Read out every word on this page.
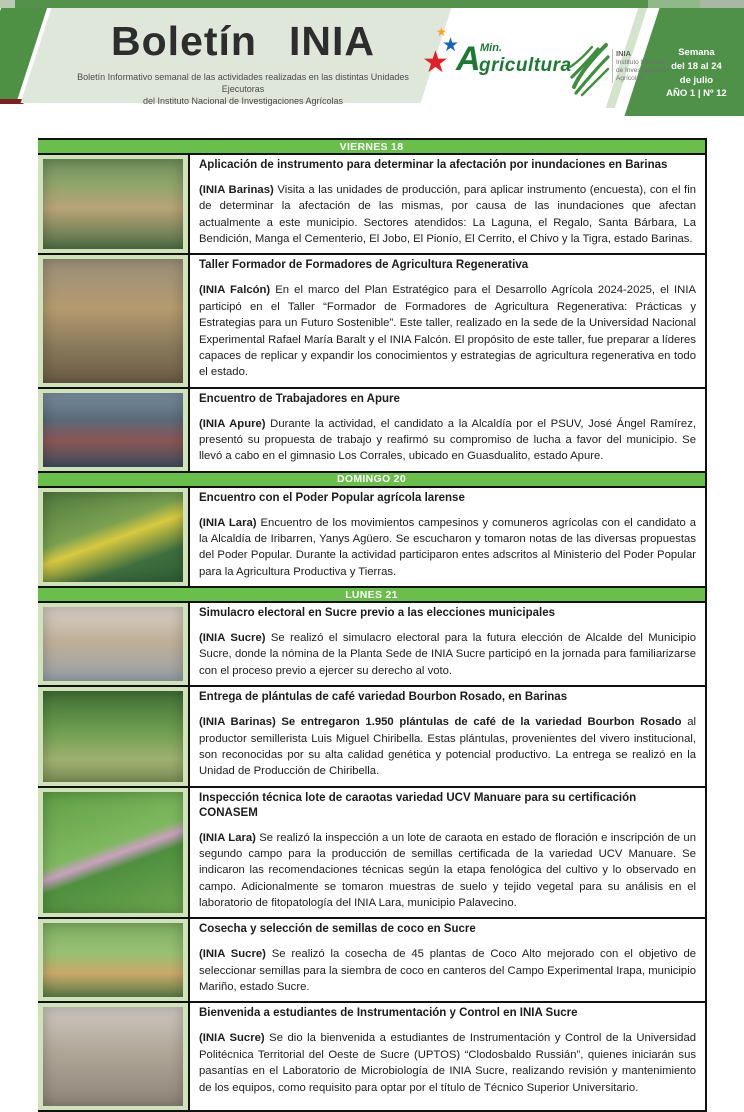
Semana
del 18 al 24
de julio
AÑO 1 | Nº 12
Boletín INIA
Boletín Informativo semanal de las actividades realizadas en las distintas Unidades Ejecutoras
del Instituto Nacional de Investigaciones Agrícolas
★
★
★
A Min.
gricultura
INIA
Instituto Nacional
de Investigaciones
Agrícolas
VIERNES 18
Aplicación de instrumento para determinar la afectación por inundaciones en Barinas

(INIA Barinas) Visita a las unidades de producción, para aplicar instrumento (encuesta), con el fin de determinar la afectación de las mismas, por causa de las inundaciones que afectan actualmente a este municipio. Sectores atendidos: La Laguna, el Regalo, Santa Bárbara, La Bendición, Manga el Cementerio, El Jobo, El Pionío, El Cerrito, el Chivo y la Tigra, estado Barinas.

Taller Formador de Formadores de Agricultura Regenerativa

(INIA Falcón) En el marco del Plan Estratégico para el Desarrollo Agrícola 2024-2025, el INIA participó en el Taller “Formador de Formadores de Agricultura Regenerativa: Prácticas y Estrategias para un Futuro Sostenible”. Este taller, realizado en la sede de la Universidad Nacional Experimental Rafael María Baralt y el INIA Falcón. El propósito de este taller, fue preparar a líderes capaces de replicar y expandir los conocimientos y estrategias de agricultura regenerativa en todo el estado.

Encuentro de Trabajadores en Apure

(INIA Apure) Durante la actividad, el candidato a la Alcaldía por el PSUV, José Ángel Ramírez, presentó su propuesta de trabajo y reafirmó su compromiso de lucha a favor del municipio. Se llevó a cabo en el gimnasio Los Corrales, ubicado en Guasdualito, estado Apure.

DOMINGO 20
Encuentro con el Poder Popular agrícola larense

(INIA Lara) Encuentro de los movimientos campesinos y comuneros agrícolas con el candidato a la Alcaldía de Iribarren, Yanys Agüero. Se escucharon y tomaron notas de las diversas propuestas del Poder Popular. Durante la actividad participaron entes adscritos al Ministerio del Poder Popular para la Agricultura Productiva y Tierras.

LUNES 21
Simulacro electoral en Sucre previo a las elecciones municipales

(INIA Sucre) Se realizó el simulacro electoral para la futura elección de Alcalde del Municipio Sucre, donde la nómina de la Planta Sede de INIA Sucre participó en la jornada para familiarizarse con el proceso previo a ejercer su derecho al voto.

Entrega de plántulas de café variedad Bourbon Rosado, en Barinas

(INIA Barinas) Se entregaron 1.950 plántulas de café de la variedad Bourbon Rosado al productor semillerista Luis Miguel Chiribella. Estas plántulas, provenientes del vivero institucional, son reconocidas por su alta calidad genética y potencial productivo. La entrega se realizó en la Unidad de Producción de Chiribella.

Inspección técnica lote de caraotas variedad UCV Manuare para su certificación CONASEM

(INIA Lara) Se realizó la inspección a un lote de caraota en estado de floración e inscripción de un segundo campo para la producción de semillas certificada de la variedad UCV Manuare. Se indicaron las recomendaciones técnicas según la etapa fenológica del cultivo y lo observado en campo. Adicionalmente se tomaron muestras de suelo y tejido vegetal para su análisis en el laboratorio de fitopatología del INIA Lara, municipio Palavecino.

Cosecha y selección de semillas de coco en Sucre

(INIA Sucre) Se realizó la cosecha de 45 plantas de Coco Alto mejorado con el objetivo de seleccionar semillas para la siembra de coco en canteros del Campo Experimental Irapa, municipio Mariño, estado Sucre.

Bienvenida a estudiantes de Instrumentación y Control en INIA Sucre

(INIA Sucre) Se dio la bienvenida a estudiantes de Instrumentación y Control de la Universidad Politécnica Territorial del Oeste de Sucre (UPTOS) “Clodosbaldo Russián”, quienes iniciarán sus pasantías en el Laboratorio de Microbiología de INIA Sucre, realizando revisión y mantenimiento de los equipos, como requisito para optar por el título de Técnico Superior Universitario.
